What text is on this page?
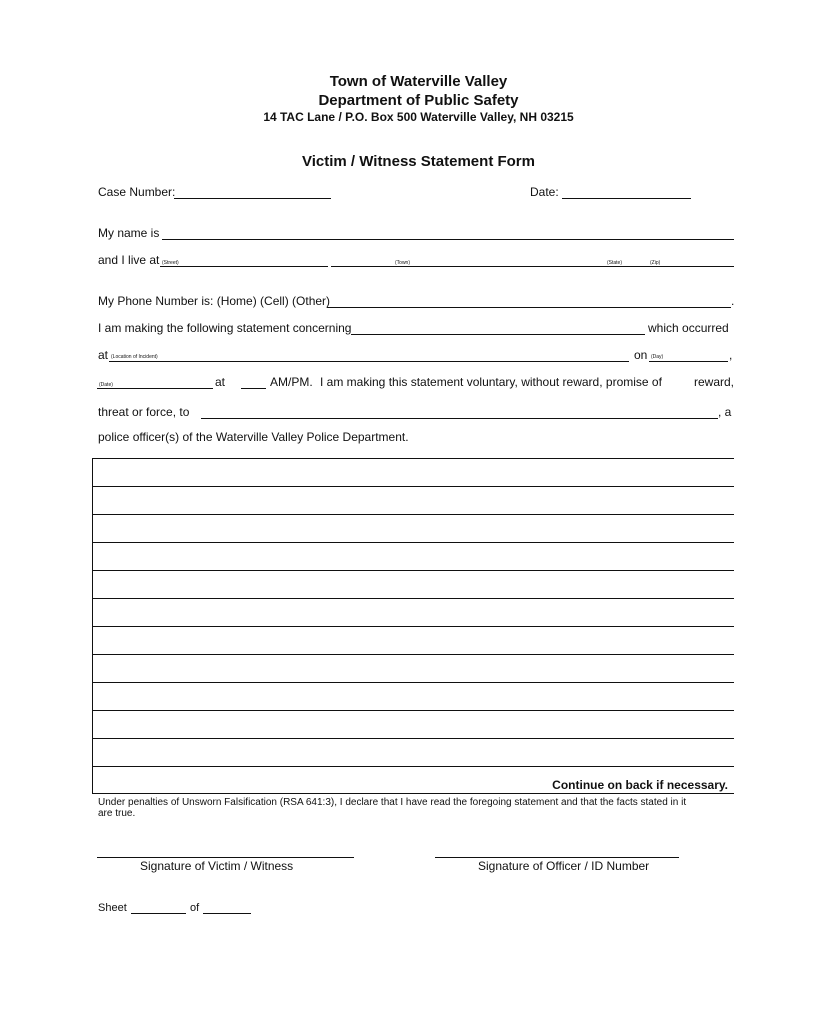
Town of Waterville Valley
Department of Public Safety
14 TAC Lane / P.O. Box 500 Waterville Valley, NH 03215
Victim / Witness Statement Form
Case Number:	Date:
My name is
and I live at (Street)	(Town)	(State)	(Zip)
My Phone Number is: (Home) (Cell) (Other)	.
I am making the following statement concerning	which occurred
at (Location of Incident)	on (Day)	,
(Date)	at	AM/PM. I am making this statement voluntary, without reward, promise of	reward,
threat or force, to	, a
police officer(s) of the Waterville Valley Police Department.
Continue on back if necessary.
Under penalties of Unsworn Falsification (RSA 641:3), I declare that I have read the foregoing statement and that the facts stated in it
are true.
Signature of Victim / Witness	Signature of Officer / ID Number
Sheet	of
